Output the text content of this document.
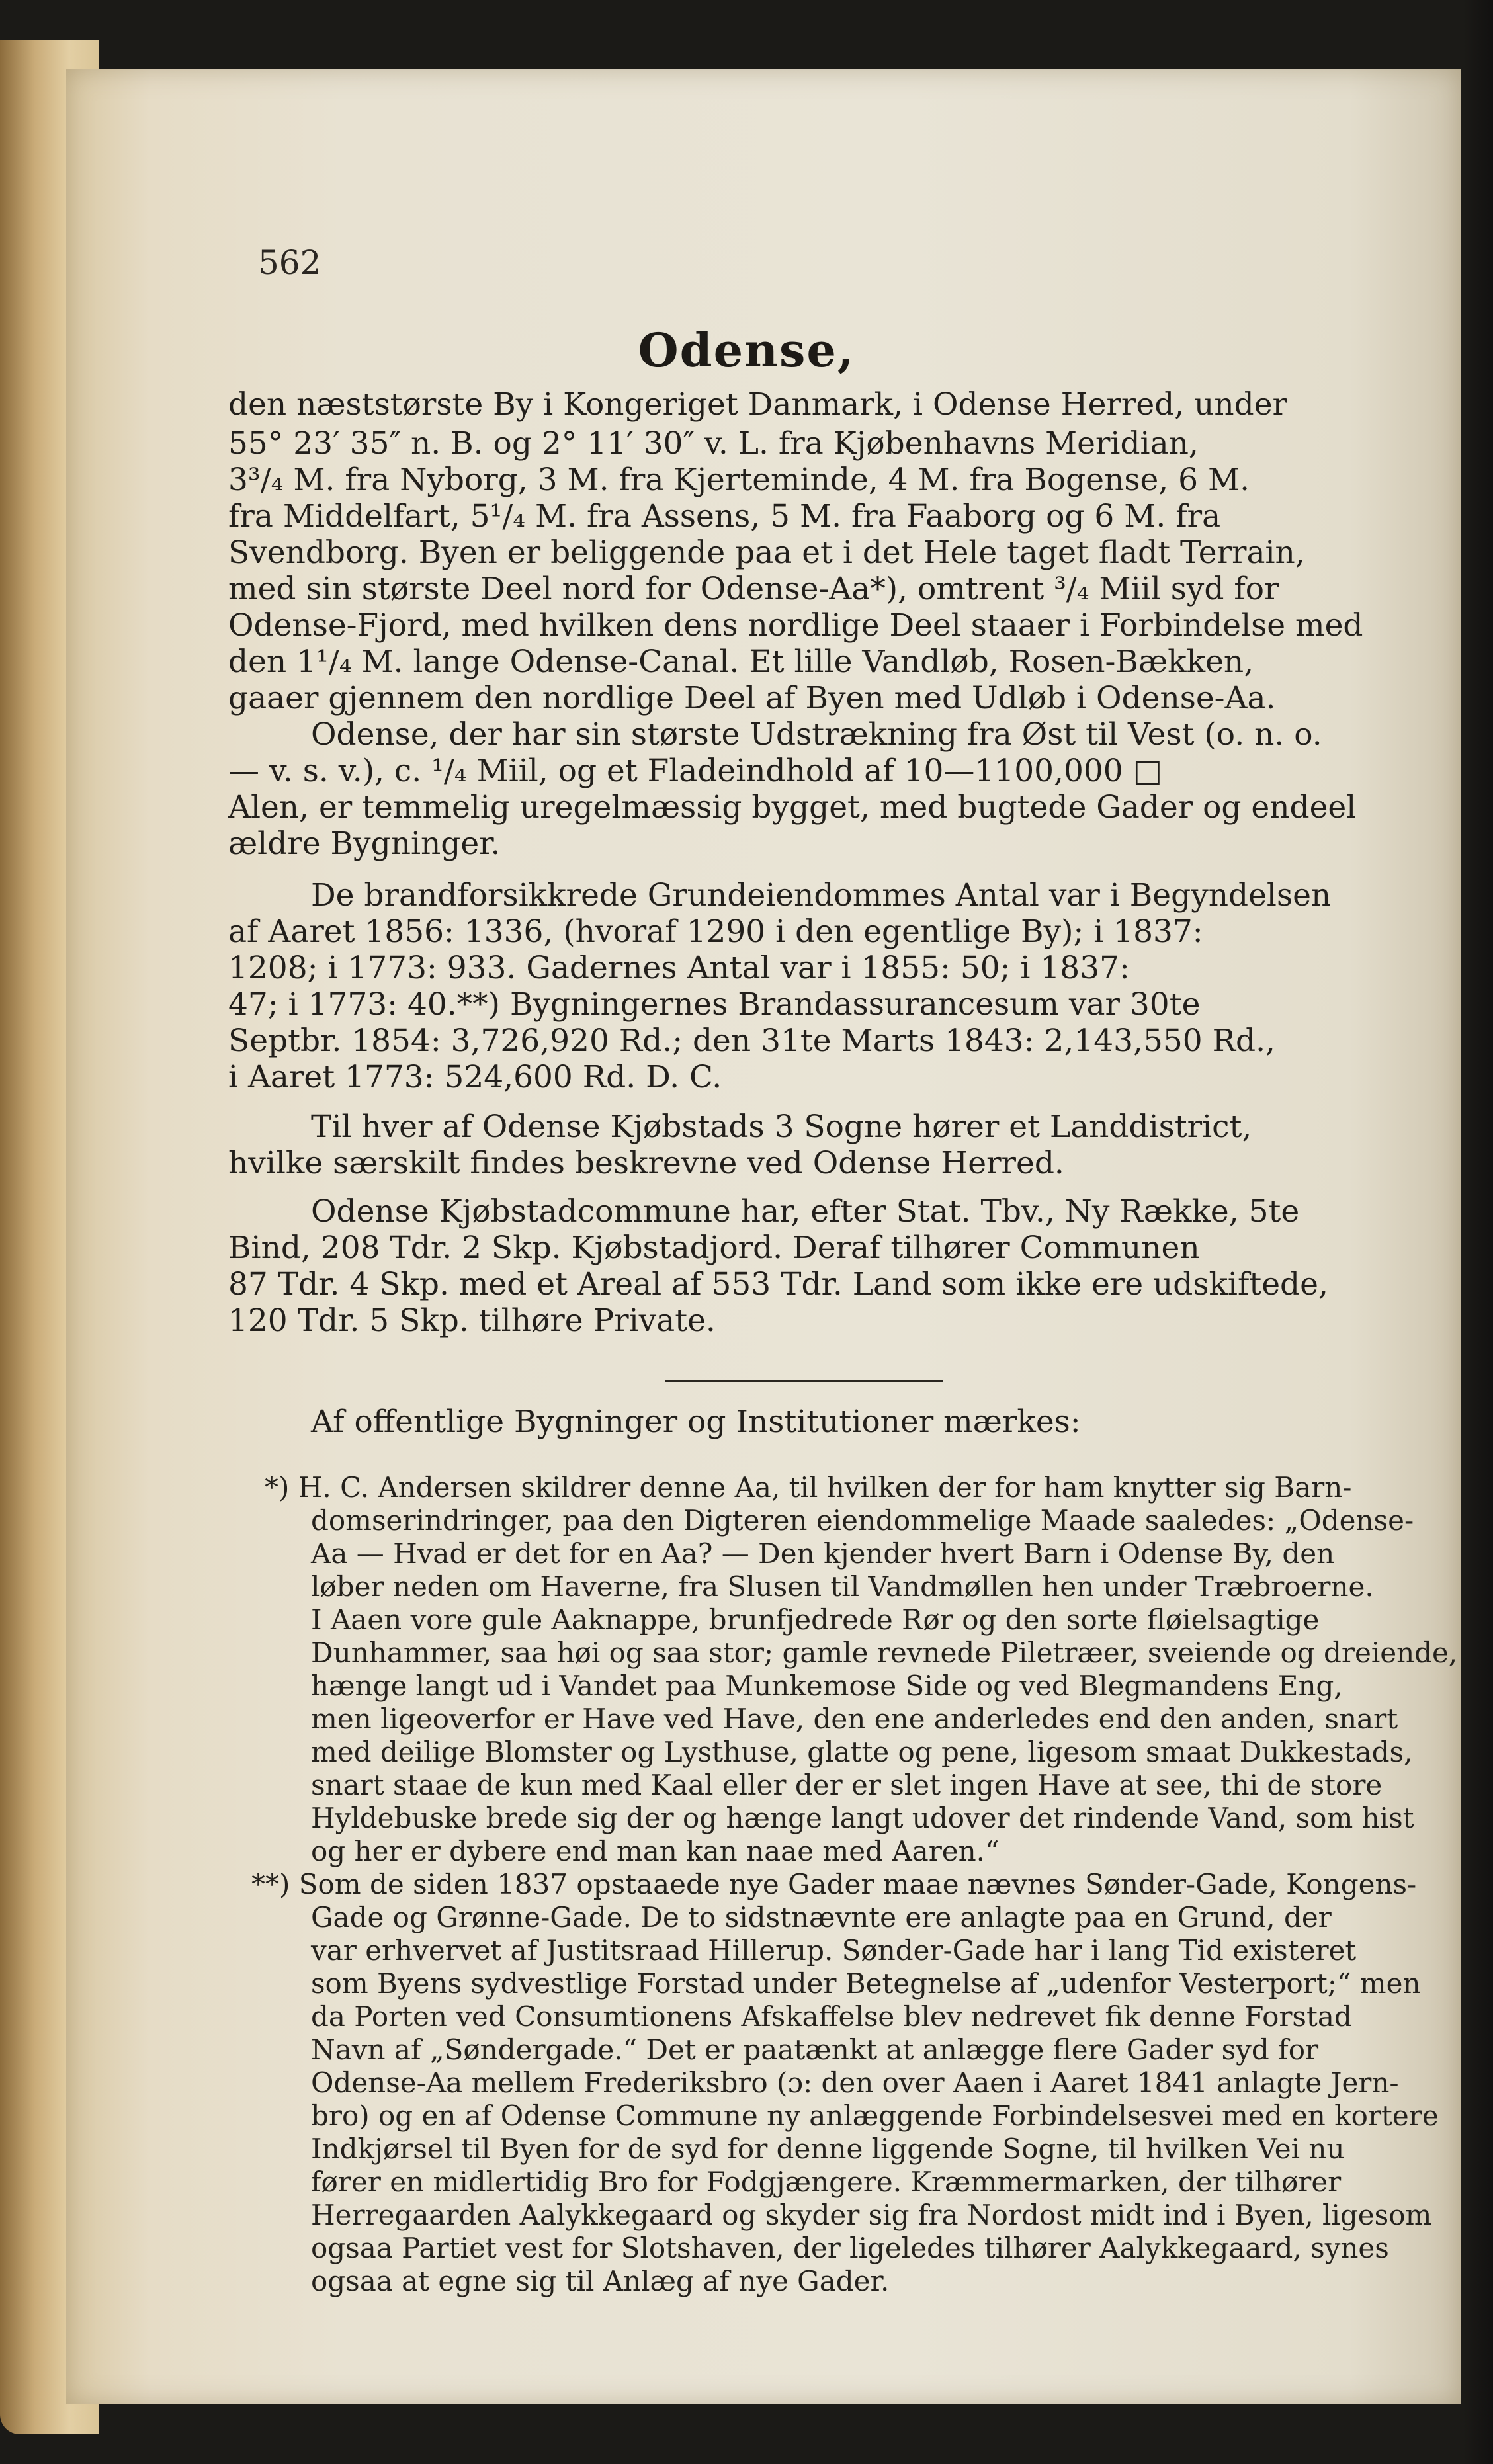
562
Odense,
den næststørste By i Kongeriget Danmark, i Odense Herred, under
55° 23′ 35″ n. B. og 2° 11′ 30″ v. L. fra Kjøbenhavns Meridian,
3³/₄ M. fra Nyborg, 3 M. fra Kjerteminde, 4 M. fra Bogense, 6 M.
fra Middelfart, 5¹/₄ M. fra Assens, 5 M. fra Faaborg og 6 M. fra
Svendborg. Byen er beliggende paa et i det Hele taget fladt Terrain,
med sin største Deel nord for Odense-Aa*), omtrent ³/₄ Miil syd for
Odense-Fjord, med hvilken dens nordlige Deel staaer i Forbindelse med
den 1¹/₄ M. lange Odense-Canal. Et lille Vandløb, Rosen-Bækken,
gaaer gjennem den nordlige Deel af Byen med Udløb i Odense-Aa.
Odense, der har sin største Udstrækning fra Øst til Vest (o. n. o.
— v. s. v.), c. ¹/₄ Miil, og et Fladeindhold af 10—1100,000 □
Alen, er temmelig uregelmæssig bygget, med bugtede Gader og endeel
ældre Bygninger.
De brandforsikkrede Grundeiendommes Antal var i Begyndelsen
af Aaret 1856: 1336, (hvoraf 1290 i den egentlige By); i 1837:
1208; i 1773: 933. Gadernes Antal var i 1855: 50; i 1837:
47; i 1773: 40.**) Bygningernes Brandassurancesum var 30te
Septbr. 1854: 3,726,920 Rd.; den 31te Marts 1843: 2,143,550 Rd.,
i Aaret 1773: 524,600 Rd. D. C.
Til hver af Odense Kjøbstads 3 Sogne hører et Landdistrict,
hvilke særskilt findes beskrevne ved Odense Herred.
Odense Kjøbstadcommune har, efter Stat. Tbv., Ny Række, 5te
Bind, 208 Tdr. 2 Skp. Kjøbstadjord. Deraf tilhører Communen
87 Tdr. 4 Skp. med et Areal af 553 Tdr. Land som ikke ere udskiftede,
120 Tdr. 5 Skp. tilhøre Private.
Af offentlige Bygninger og Institutioner mærkes:
*) H. C. Andersen skildrer denne Aa, til hvilken der for ham knytter sig Barn-
domserindringer, paa den Digteren eiendommelige Maade saaledes: „Odense-
Aa — Hvad er det for en Aa? — Den kjender hvert Barn i Odense By, den
løber neden om Haverne, fra Slusen til Vandmøllen hen under Træbroerne.
I Aaen vore gule Aaknappe, brunfjedrede Rør og den sorte fløielsagtige
Dunhammer, saa høi og saa stor; gamle revnede Piletræer, sveiende og dreiende,
hænge langt ud i Vandet paa Munkemose Side og ved Blegmandens Eng,
men ligeoverfor er Have ved Have, den ene anderledes end den anden, snart
med deilige Blomster og Lysthuse, glatte og pene, ligesom smaat Dukkestads,
snart staae de kun med Kaal eller der er slet ingen Have at see, thi de store
Hyldebuske brede sig der og hænge langt udover det rindende Vand, som hist
og her er dybere end man kan naae med Aaren.“
**) Som de siden 1837 opstaaede nye Gader maae nævnes Sønder-Gade, Kongens-
Gade og Grønne-Gade. De to sidstnævnte ere anlagte paa en Grund, der
var erhvervet af Justitsraad Hillerup. Sønder-Gade har i lang Tid existeret
som Byens sydvestlige Forstad under Betegnelse af „udenfor Vesterport;“ men
da Porten ved Consumtionens Afskaffelse blev nedrevet fik denne Forstad
Navn af „Søndergade.“ Det er paatænkt at anlægge flere Gader syd for
Odense-Aa mellem Frederiksbro (ɔ: den over Aaen i Aaret 1841 anlagte Jern-
bro) og en af Odense Commune ny anlæggende Forbindelsesvei med en kortere
Indkjørsel til Byen for de syd for denne liggende Sogne, til hvilken Vei nu
fører en midlertidig Bro for Fodgjængere. Kræmmermarken, der tilhører
Herregaarden Aalykkegaard og skyder sig fra Nordost midt ind i Byen, ligesom
ogsaa Partiet vest for Slotshaven, der ligeledes tilhører Aalykkegaard, synes
ogsaa at egne sig til Anlæg af nye Gader.
